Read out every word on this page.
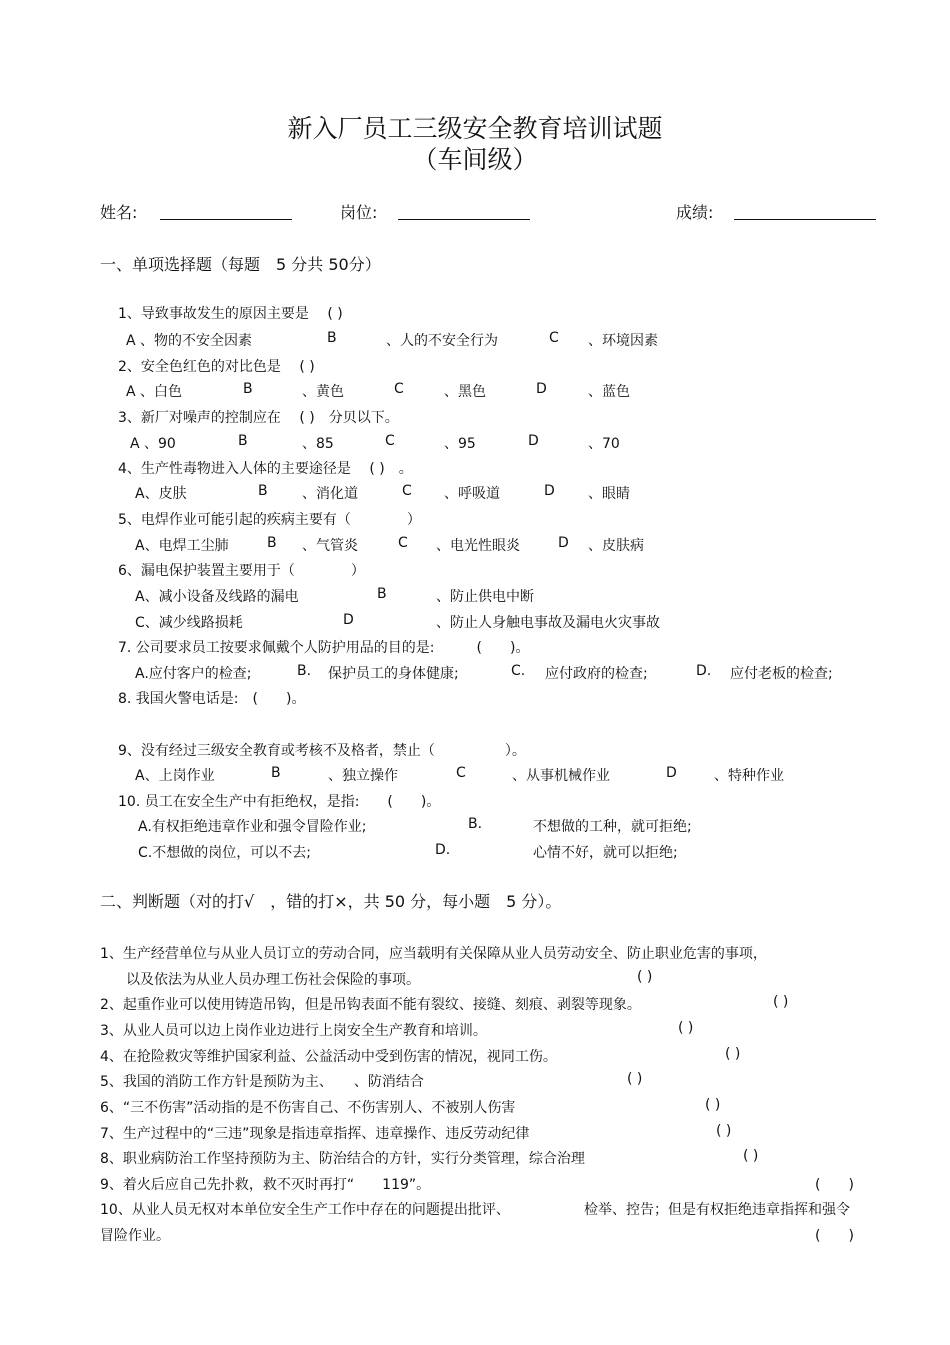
新入厂员工三级安全教育培训试题
（车间级）
姓名:	岗位:	成绩:
一、单项选择题（每题　5 分共 50分）
1、导致事故发生的原因主要是　 ( )
A 、物的不安全因素	B	、人的不安全行为	C 、环境因素
2、安全色红色的对比色是　 ( )
A 、白色	B	、黄色	C	、黑色	D	、蓝色
3、新厂对噪声的控制应在　 ( )　分贝以下。
A 、90	B	、85	C	、95	D	、70
4、生产性毒物进入人体的主要途径是　 ( )　。
A、皮肤	B 、消化道	C 、呼吸道	D 、眼睛
5、电焊作业可能引起的疾病主要有（　　　　）
A、电焊工尘肺	B 、气管炎	C 、电光性眼炎	D 、皮肤病
6、漏电保护装置主要用于（　　　　）
A、减小设备及线路的漏电	B	、防止供电中断
C、减少线路损耗	D	、防止人身触电事故及漏电火灾事故
7. 公司要求员工按要求佩戴个人防护用品的目的是:　　　(　　)。
A.应付客户的检查;	B. 保护员工的身体健康;	C. 应付政府的检查;	D. 应付老板的检查;
8. 我国火警电话是:　(　　)。
9、没有经过三级安全教育或考核不及格者，禁止（　　　　　）。
A、上岗作业	B	、独立操作	C	、从事机械作业	D	、特种作业
10. 员工在安全生产中有拒绝权，是指:　　(　　)。
A.有权拒绝违章作业和强令冒险作业;	B.	不想做的工种，就可拒绝;
C.不想做的岗位，可以不去;	D.	心情不好，就可以拒绝;
二、判断题（对的打√　，错的打×，共 50 分，每小题　5 分）。
1、生产经营单位与从业人员订立的劳动合同，应当载明有关保障从业人员劳动安全、防止职业危害的事项，
以及依法为从业人员办理工伤社会保险的事项。	( )
2、起重作业可以使用铸造吊钩，但是吊钩表面不能有裂纹、接缝、刻痕、剥裂等现象。	( )
3、从业人员可以边上岗作业边进行上岗安全生产教育和培训。	( )
4、在抢险救灾等维护国家利益、公益活动中受到伤害的情况，视同工伤。	( )
5、我国的消防工作方针是预防为主、　　、防消结合	( )
6、“三不伤害”活动指的是不伤害自己、不伤害别人、不被别人伤害	( )
7、生产过程中的“三违”现象是指违章指挥、违章操作、违反劳动纪律	( )
8、职业病防治工作坚持预防为主、防治结合的方针，实行分类管理，综合治理	( )
9、着火后应自己先扑救，救不灭时再打“　　119”。	(　　)
10、从业人员无权对本单位安全生产工作中存在的问题提出批评、	检举、控告；但是有权拒绝违章指挥和强令
冒险作业。	(　　)
